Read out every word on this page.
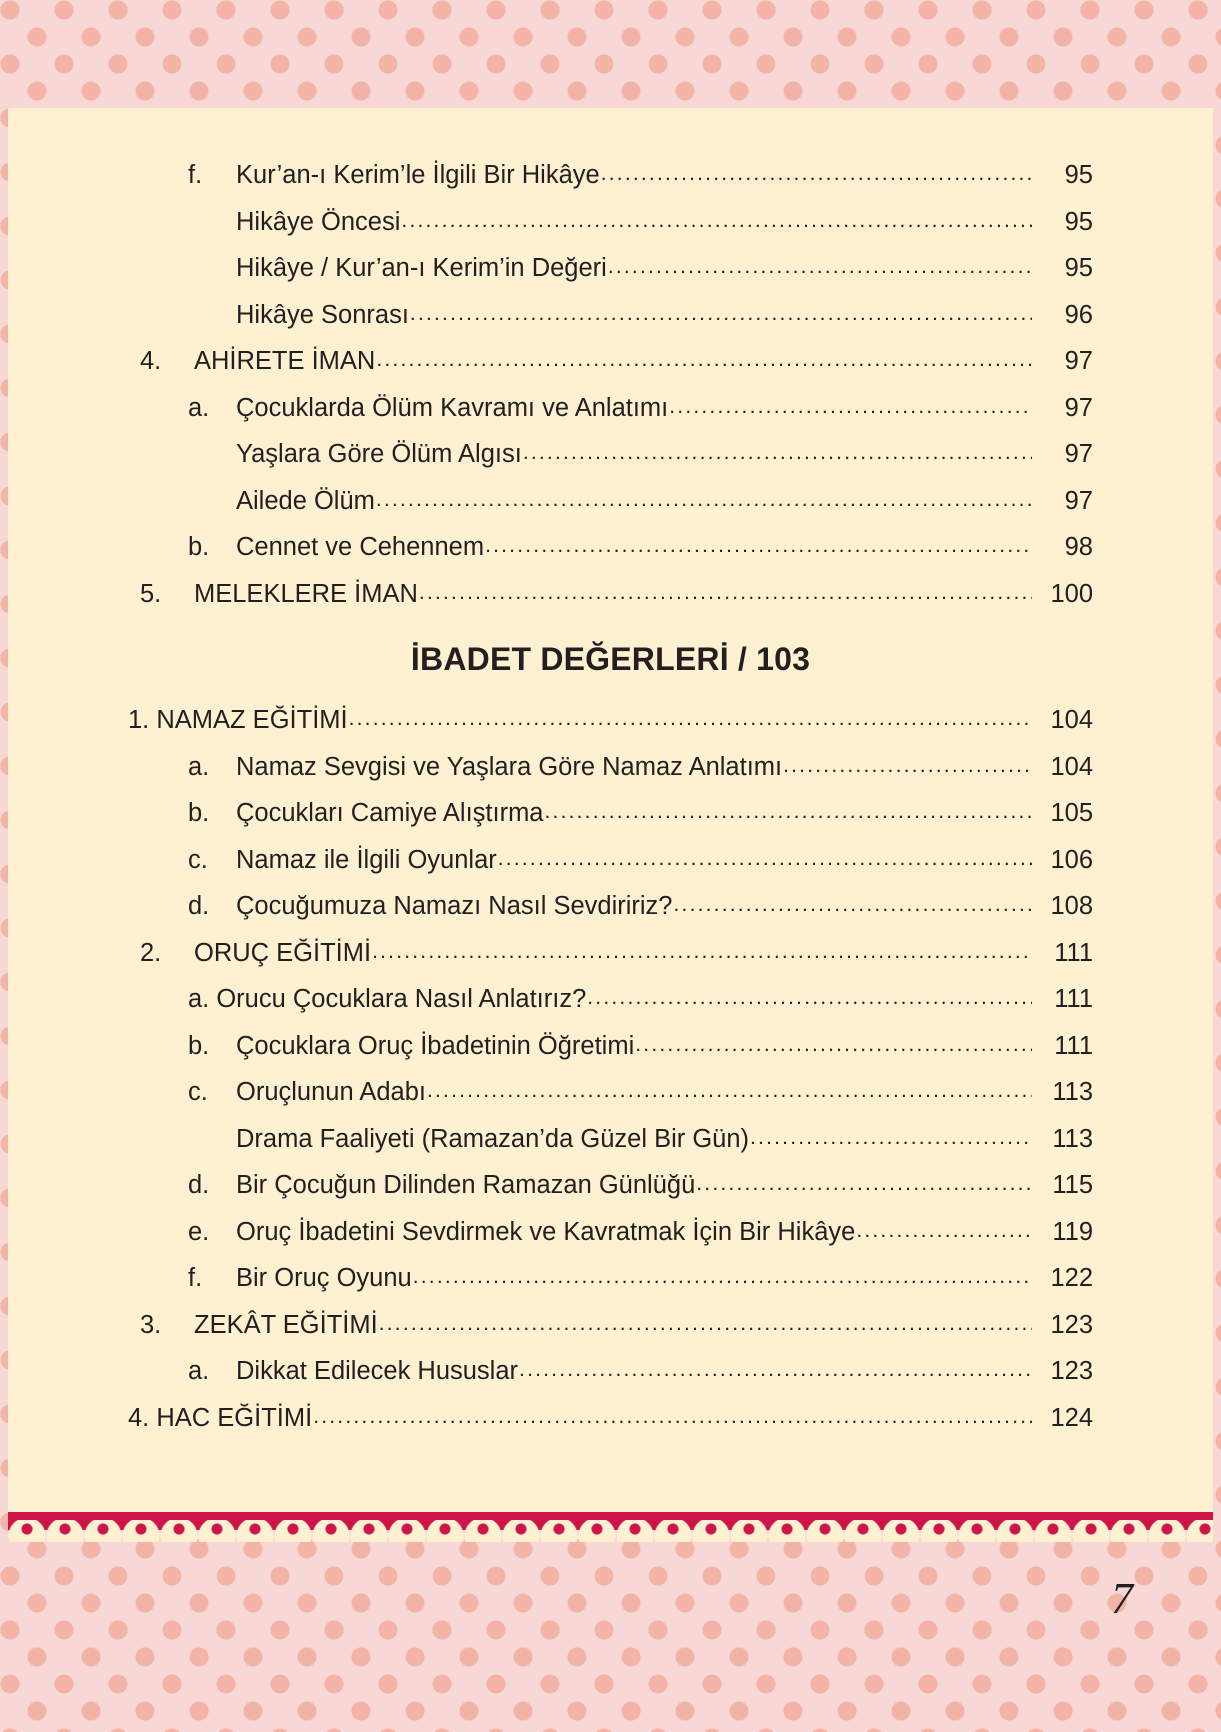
f.	Kur’an-ı Kerim’le İlgili Bir Hikâye .....	95
Hikâye Öncesi .....	95
Hikâye / Kur’an-ı Kerim’in Değeri .....	95
Hikâye Sonrası .....	96
4.	AHİRETE İMAN .....	97
a.	Çocuklarda Ölüm Kavramı ve Anlatımı .....	97
Yaşlara Göre Ölüm Algısı .....	97
Ailede Ölüm .....	97
b.	Cennet ve Cehennem .....	98
5.	MELEKLERE İMAN .....	100
İBADET DEĞERLERİ / 103
1. NAMAZ EĞİTİMİ .....	104
a.	Namaz Sevgisi ve Yaşlara Göre Namaz Anlatımı .....	104
b.	Çocukları Camiye Alıştırma .....	105
c.	Namaz ile İlgili Oyunlar .....	106
d.	Çocuğumuza Namazı Nasıl Sevdiririz? .....	108
2.	ORUÇ EĞİTİMİ .....	111
a. Orucu Çocuklara Nasıl Anlatırız? .....	111
b.	Çocuklara Oruç İbadetinin Öğretimi .....	111
c.	Oruçlunun Adabı .....	113
Drama Faaliyeti (Ramazan’da Güzel Bir Gün) .....	113
d.	Bir Çocuğun Dilinden Ramazan Günlüğü .....	115
e.	Oruç İbadetini Sevdirmek ve Kavratmak İçin Bir Hikâye .....	119
f.	Bir Oruç Oyunu .....	122
3.	ZEKÂT EĞİTİMİ .....	123
a.	Dikkat Edilecek Hususlar .....	123
4. HAC EĞİTİMİ .....	124
7
